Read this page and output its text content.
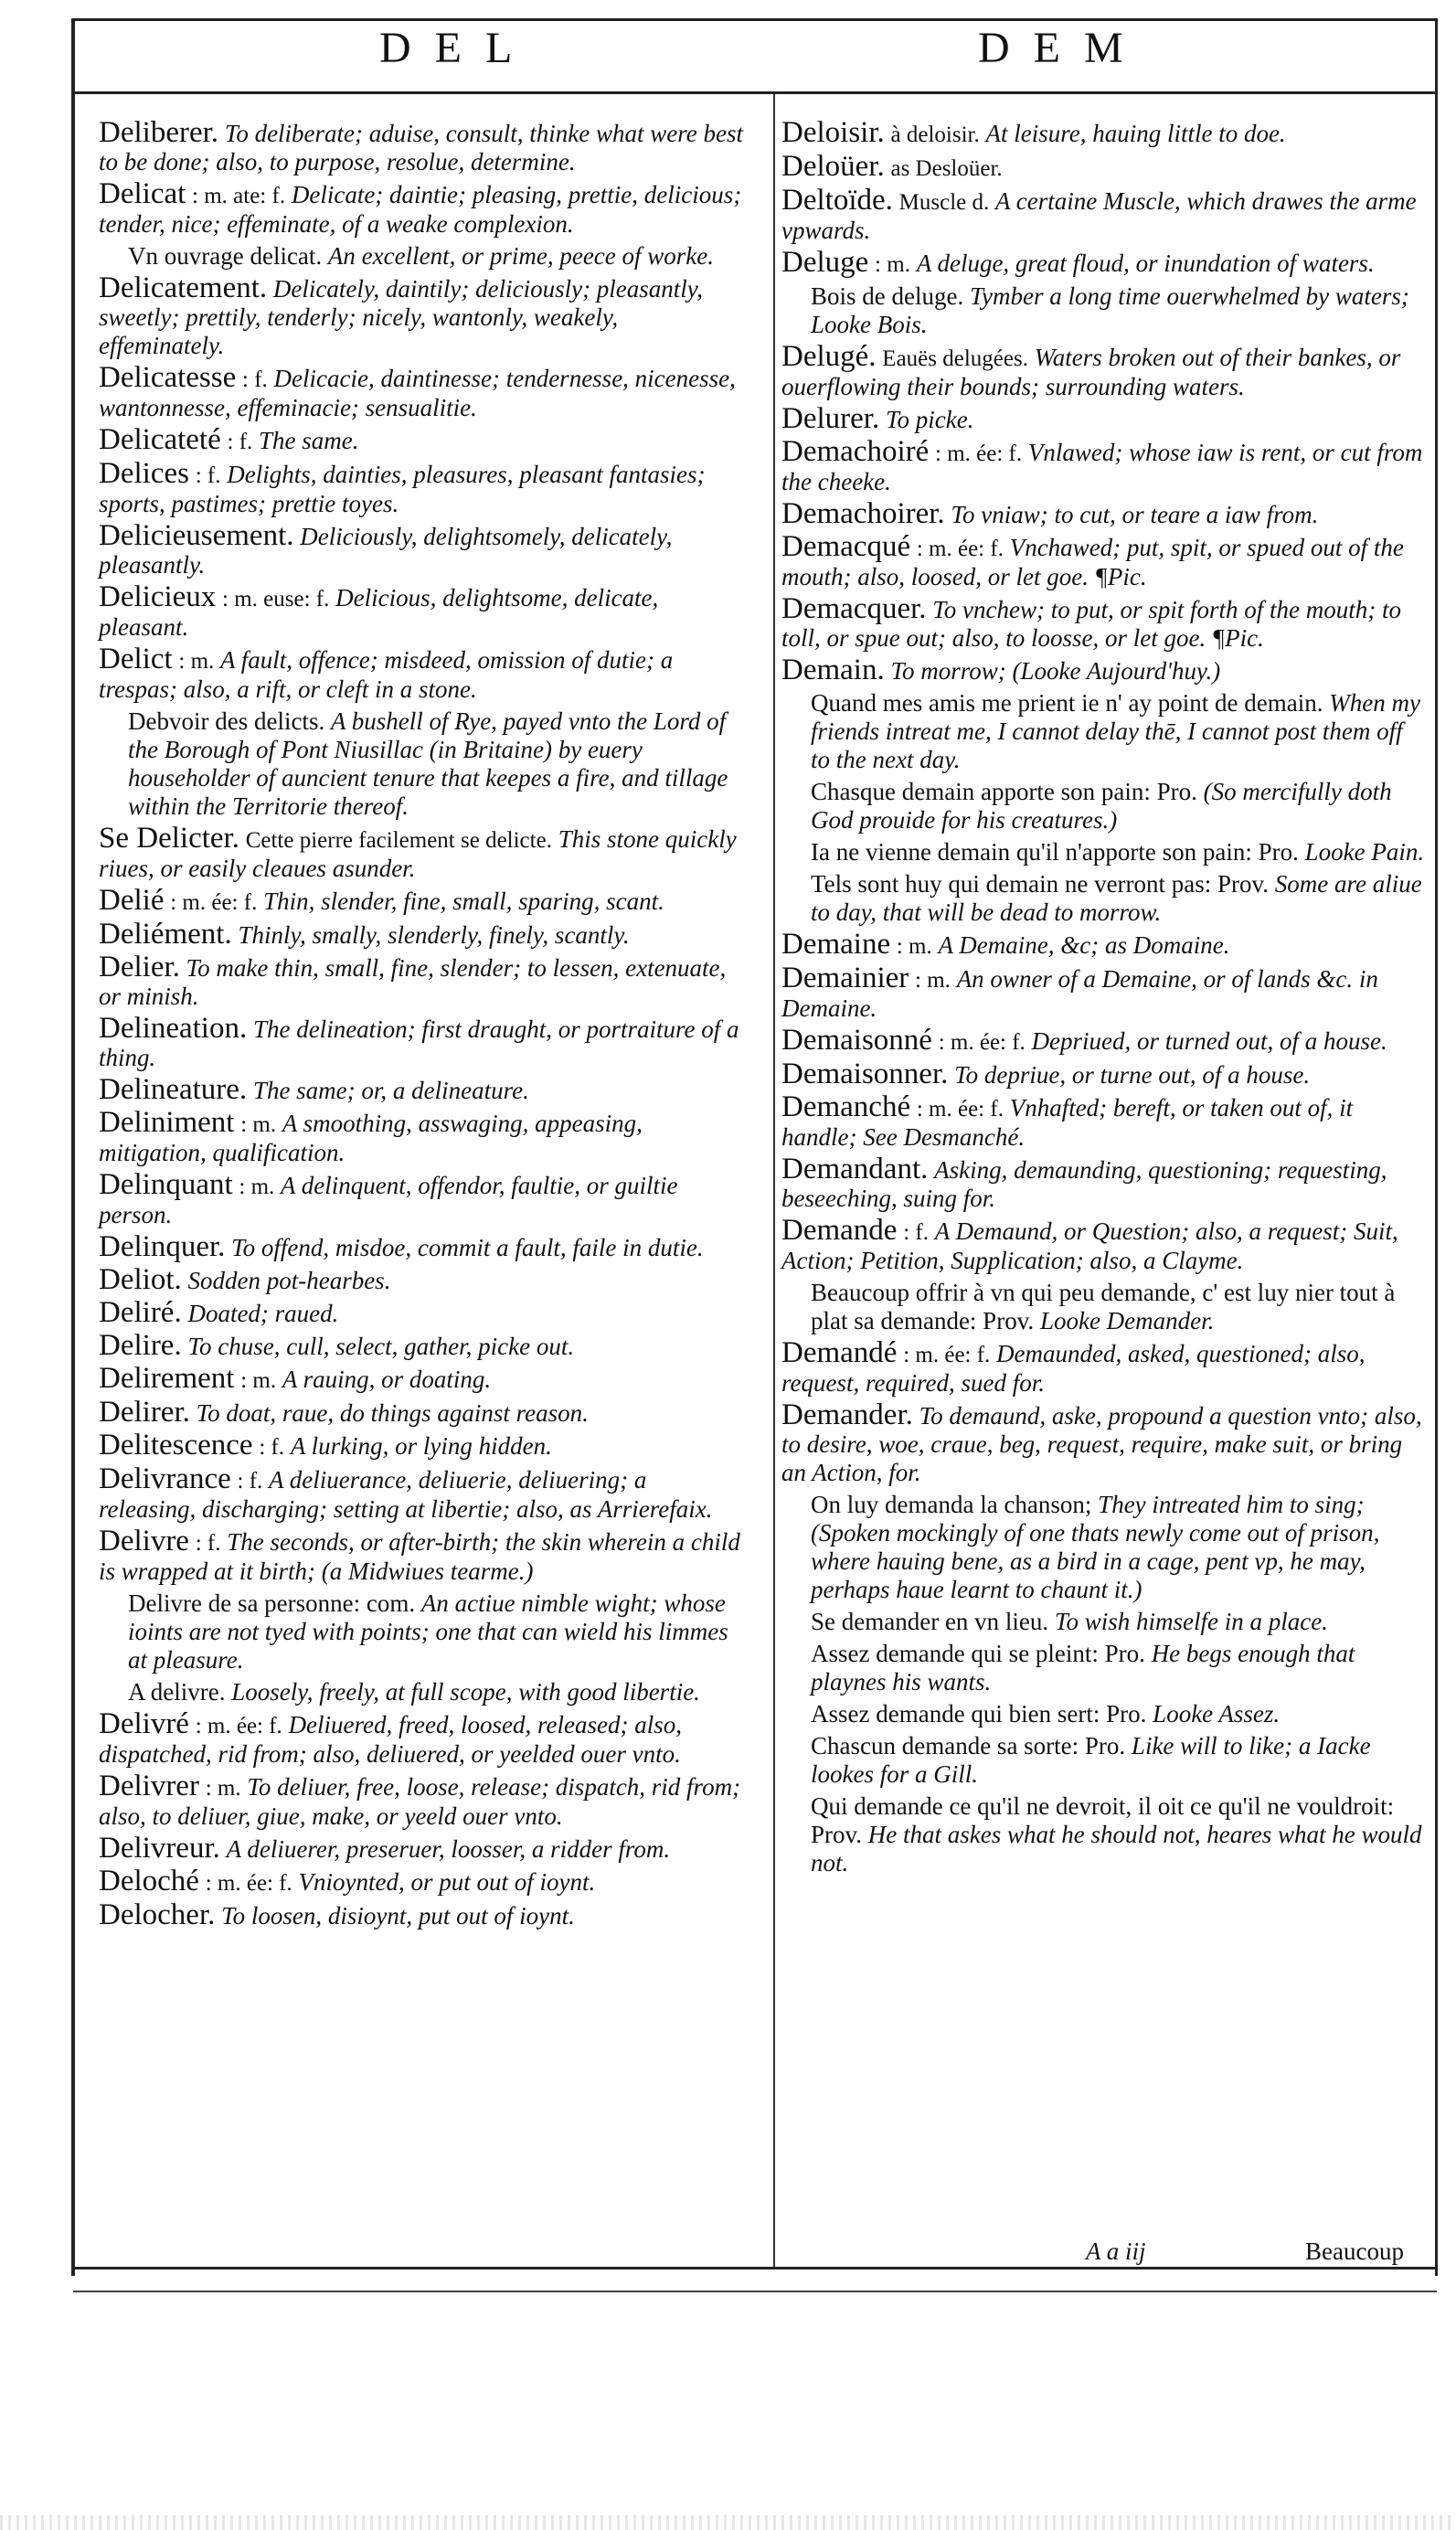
DEL	DEM
Deliberer. To deliberate; aduise, consult, thinke what were best to be done; also, to purpose, resolue, determine.
Delicat : m. ate: f. Delicate; daintie; pleasing, prettie, delicious; tender, nice; effeminate, of a weake complexion.
Vn ouvrage delicat. An excellent, or prime, peece of worke.
Delicatement. Delicately, daintily; deliciously; pleasantly, sweetly; prettily, tenderly; nicely, wantonly, weakely, effeminately.
Delicatesse : f. Delicacie, daintinesse; tendernesse, nicenesse, wantonnesse, effeminacie; sensualitie.
Delicateté : f. The same.
Delices : f. Delights, dainties, pleasures, pleasant fantasies; sports, pastimes; prettie toyes.
Delicieusement. Deliciously, delightsomely, delicately, pleasantly.
Delicieux : m. euse: f. Delicious, delightsome, delicate, pleasant.
Delict : m. A fault, offence; misdeed, omission of dutie; a trespas; also, a rift, or cleft in a stone.
Debvoir des delicts. A bushell of Rye, payed vnto the Lord of the Borough of Pont Niusillac (in Britaine) by euery householder of auncient tenure that keepes a fire, and tillage within the Territorie thereof.
Se Delicter. Cette pierre facilement se delicte. This stone quickly riues, or easily cleaues asunder.
Delié : m. ée: f. Thin, slender, fine, small, sparing, scant.
Deliément. Thinly, smally, slenderly, finely, scantly.
Delier. To make thin, small, fine, slender; to lessen, extenuate, or minish.
Delineation. The delineation; first draught, or portraiture of a thing.
Delineature. The same; or, a delineature.
Deliniment : m. A smoothing, asswaging, appeasing, mitigation, qualification.
Delinquant : m. A delinquent, offendor, faultie, or guiltie person.
Delinquer. To offend, misdoe, commit a fault, faile in dutie.
Deliot. Sodden pot-hearbes.
Deliré. Doated; raued.
Delire. To chuse, cull, select, gather, picke out.
Delirement : m. A rauing, or doating.
Delirer. To doat, raue, do things against reason.
Delitescence : f. A lurking, or lying hidden.
Delivrance : f. A deliuerance, deliuerie, deliuering; a releasing, discharging; setting at libertie; also, as Arrierefaix.
Delivre : f. The seconds, or after-birth; the skin wherein a child is wrapped at it birth; (a Midwiues tearme.)
Delivre de sa personne: com. An actiue nimble wight; whose ioints are not tyed with points; one that can wield his limmes at pleasure.
A delivre. Loosely, freely, at full scope, with good libertie.
Delivré : m. ée: f. Deliuered, freed, loosed, released; also, dispatched, rid from; also, deliuered, or yeelded ouer vnto.
Delivrer : m. To deliuer, free, loose, release; dispatch, rid from; also, to deliuer, giue, make, or yeeld ouer vnto.
Delivreur. A deliuerer, preseruer, loosser, a ridder from.
Deloché : m. ée: f. Vnioynted, or put out of ioynt.
Delocher. To loosen, disioynt, put out of ioynt.
Deloisir. à deloisir. At leisure, hauing little to doe.
Deloüer. as Desloüer.
Deltoïde. Muscle d. A certaine Muscle, which drawes the arme vpwards.
Deluge : m. A deluge, great floud, or inundation of waters.
Bois de deluge. Tymber a long time ouerwhelmed by waters; Looke Bois.
Delugé. Eauës delugées. Waters broken out of their bankes, or ouerflowing their bounds; surrounding waters.
Delurer. To picke.
Demachoiré : m. ée: f. Vnlawed; whose iaw is rent, or cut from the cheeke.
Demachoirer. To vniaw; to cut, or teare a iaw from.
Demacqué : m. ée: f. Vnchawed; put, spit, or spued out of the mouth; also, loosed, or let goe. ¶Pic.
Demacquer. To vnchew; to put, or spit forth of the mouth; to toll, or spue out; also, to loosse, or let goe. ¶Pic.
Demain. To morrow; (Looke Aujourd'huy.)
Quand mes amis me prient ie n' ay point de demain. When my friends intreat me, I cannot delay thē, I cannot post them off to the next day.
Chasque demain apporte son pain: Pro. (So mercifully doth God prouide for his creatures.)
Ia ne vienne demain qu'il n'apporte son pain: Pro. Looke Pain.
Tels sont huy qui demain ne verront pas: Prov. Some are aliue to day, that will be dead to morrow.
Demaine : m. A Demaine, &c; as Domaine.
Demainier : m. An owner of a Demaine, or of lands &c. in Demaine.
Demaisonné : m. ée: f. Depriued, or turned out, of a house.
Demaisonner. To depriue, or turne out, of a house.
Demanché : m. ée: f. Vnhafted; bereft, or taken out of, it handle; See Desmanché.
Demandant. Asking, demaunding, questioning; requesting, beseeching, suing for.
Demande : f. A Demaund, or Question; also, a request; Suit, Action; Petition, Supplication; also, a Clayme.
Beaucoup offrir à vn qui peu demande, c' est luy nier tout à plat sa demande: Prov. Looke Demander.
Demandé : m. ée: f. Demaunded, asked, questioned; also, request, required, sued for.
Demander. To demaund, aske, propound a question vnto; also, to desire, woe, craue, beg, request, require, make suit, or bring an Action, for.
On luy demanda la chanson; They intreated him to sing; (Spoken mockingly of one thats newly come out of prison, where hauing bene, as a bird in a cage, pent vp, he may, perhaps haue learnt to chaunt it.)
Se demander en vn lieu. To wish himselfe in a place.
Assez demande qui se pleint: Pro. He begs enough that playnes his wants.
Assez demande qui bien sert: Pro. Looke Assez.
Chascun demande sa sorte: Pro. Like will to like; a Iacke lookes for a Gill.
Qui demande ce qu'il ne devroit, il oit ce qu'il ne vouldroit: Prov. He that askes what he should not, heares what he would not.
A a iij	Beaucoup
